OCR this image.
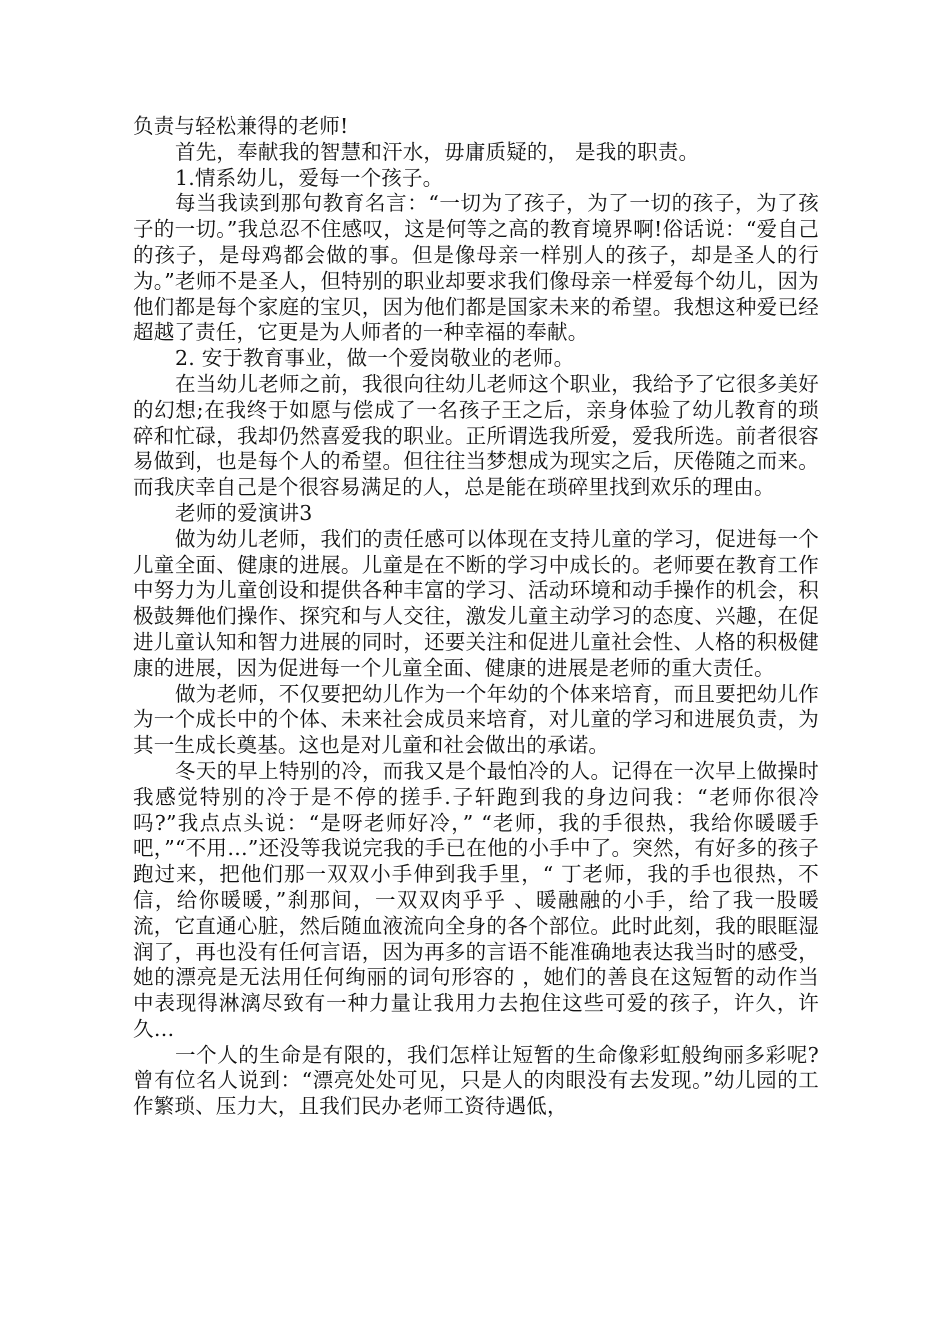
负责与轻松兼得的老师!

首先，奉献我的智慧和汗水，毋庸质疑的， 是我的职责。

1.情系幼儿，爱每一个孩子。

每当我读到那句教育名言：“一切为了孩子，为了一切的孩子，为了孩子的一切。”我总忍不住感叹，这是何等之高的教育境界啊!俗话说：“爱自己的孩子，是母鸡都会做的事。但是像母亲一样别人的孩子，却是圣人的行为。”老师不是圣人，但特别的职业却要求我们像母亲一样爱每个幼儿，因为他们都是每个家庭的宝贝，因为他们都是国家未来的希望。我想这种爱已经超越了责任，它更是为人师者的一种幸福的奉献。

2. 安于教育事业，做一个爱岗敬业的老师。

在当幼儿老师之前，我很向往幼儿老师这个职业，我给予了它很多美好的幻想;在我终于如愿与偿成了一名孩子王之后，亲身体验了幼儿教育的琐碎和忙碌，我却仍然喜爱我的职业。正所谓选我所爱，爱我所选。前者很容易做到，也是每个人的希望。但往往当梦想成为现实之后，厌倦随之而来。而我庆幸自己是个很容易满足的人，总是能在琐碎里找到欢乐的理由。

老师的爱演讲3

做为幼儿老师，我们的责任感可以体现在支持儿童的学习，促进每一个儿童全面、健康的进展。儿童是在不断的学习中成长的。老师要在教育工作中努力为儿童创设和提供各种丰富的学习、活动环境和动手操作的机会，积极鼓舞他们操作、探究和与人交往，激发儿童主动学习的态度、兴趣，在促进儿童认知和智力进展的同时，还要关注和促进儿童社会性、人格的积极健康的进展，因为促进每一个儿童全面、健康的进展是老师的重大责任。

做为老师，不仅要把幼儿作为一个年幼的个体来培育，而且要把幼儿作为一个成长中的个体、未来社会成员来培育，对儿童的学习和进展负责，为其一生成长奠基。这也是对儿童和社会做出的承诺。

冬天的早上特别的冷，而我又是个最怕冷的人。记得在一次早上做操时我感觉特别的冷于是不停的搓手.子轩跑到我的身边问我：“老师你很冷吗?”我点点头说：“是呀老师好冷，” “老师，我的手很热，我给你暖暖手吧，”“不用…”还没等我说完我的手已在他的小手中了。突然，有好多的孩子跑过来，把他们那一双双小手伸到我手里，“ 丁老师，我的手也很热，不信，给你暖暖，”刹那间，一双双肉乎乎 、暖融融的小手，给了我一股暖流，它直通心脏，然后随血液流向全身的各个部位。此时此刻，我的眼眶湿润了，再也没有任何言语，因为再多的言语不能准确地表达我当时的感受，她的漂亮是无法用任何绚丽的词句形容的 ，她们的善良在这短暂的动作当中表现得淋漓尽致有一种力量让我用力去抱住这些可爱的孩子，许久，许久…

一个人的生命是有限的，我们怎样让短暂的生命像彩虹般绚丽多彩呢?曾有位名人说到：“漂亮处处可见，只是人的肉眼没有去发现。”幼儿园的工作繁琐、压力大，且我们民办老师工资待遇低，
